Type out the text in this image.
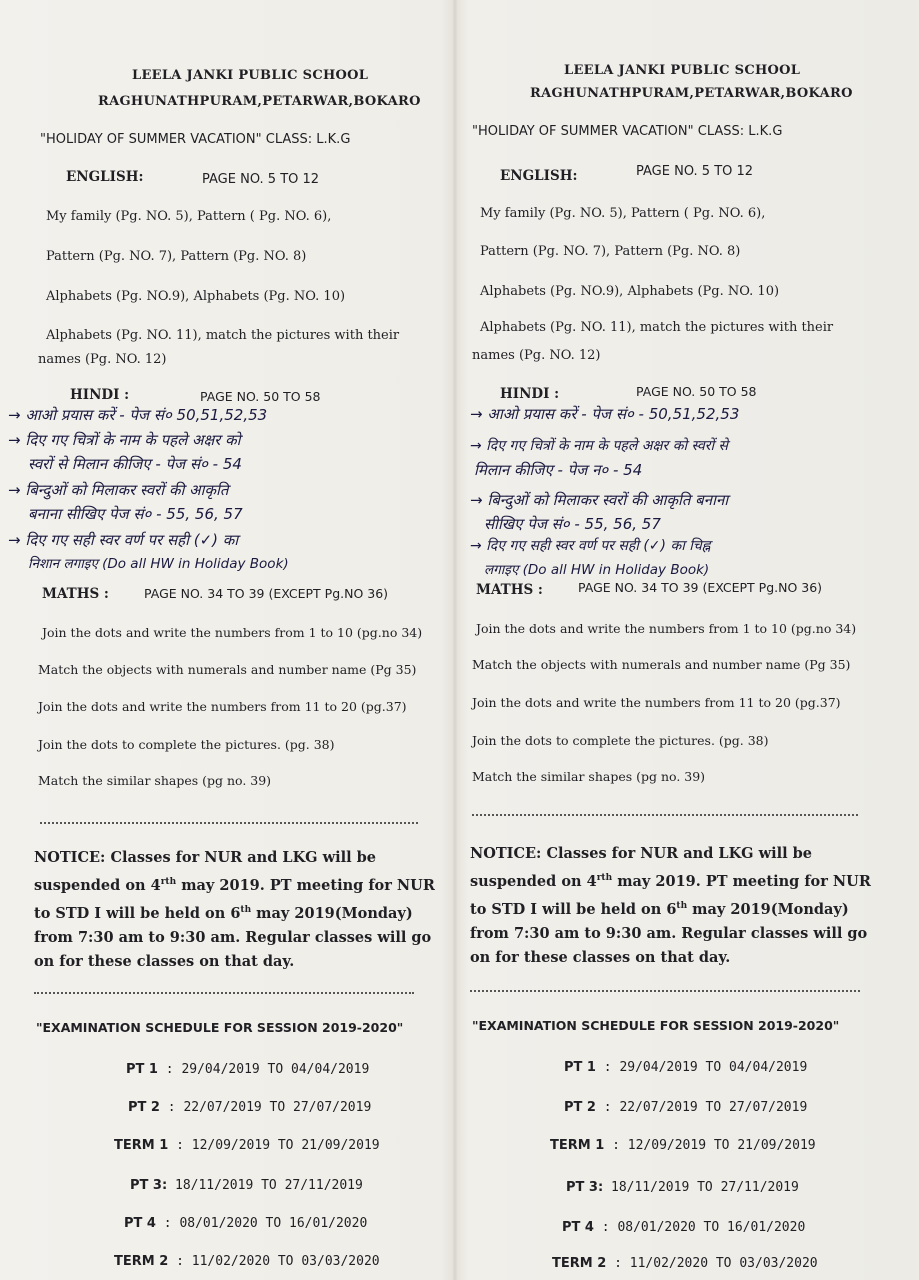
LEELA JANKI PUBLIC SCHOOL
RAGHUNATHPURAM,PETARWAR,BOKARO
"HOLIDAY OF SUMMER VACATION" CLASS: L.K.G
ENGLISH:	PAGE NO. 5 TO 12
My family (Pg. NO. 5), Pattern ( Pg. NO. 6),
Pattern (Pg. NO. 7), Pattern (Pg. NO. 8)
Alphabets (Pg. NO.9), Alphabets (Pg. NO. 10)
Alphabets (Pg. NO. 11), match the pictures with their
names (Pg. NO. 12)
HINDI :	PAGE NO. 50 TO 58
→ आओ प्रयास करें - पेज सं० 50,51,52,53
→ दिए गए चित्रों के नाम के पहले अक्षर को
स्वरों से मिलान कीजिए - पेज सं० - 54
→ बिन्दुओं को मिलाकर स्वरों की आकृति
बनाना सीखिए पेज सं० - 55, 56, 57
→ दिए गए सही स्वर वर्ण पर सही (✓) का
निशान लगाइए (Do all HW in Holiday Book)
MATHS :	PAGE NO. 34 TO 39 (EXCEPT Pg.NO 36)
Join the dots and write the numbers from 1 to 10 (pg.no 34)
Match the objects with numerals and number name (Pg 35)
Join the dots and write the numbers from 11 to 20 (pg.37)
Join the dots to complete the pictures. (pg. 38)
Match the similar shapes (pg no. 39)
NOTICE: Classes for NUR and LKG will be suspended on $4^{rth}$ may 2019. PT meeting for NUR to STD I will be held on 6th may 2019(Monday) from 7:30 am to 9:30 am. Regular classes will go on for these classes on that day.
"EXAMINATION SCHEDULE FOR SESSION 2019-2020"
PT 1 : 29/04/2019 TO 04/04/2019
PT 2 : 22/07/2019 TO 27/07/2019
TERM 1 : 12/09/2019 TO 21/09/2019
PT 3: 18/11/2019 TO 27/11/2019
PT 4 : 08/01/2020 TO 16/01/2020
TERM 2 : 11/02/2020 TO 03/03/2020
LEELA JANKI PUBLIC SCHOOL
RAGHUNATHPURAM,PETARWAR,BOKARO
"HOLIDAY OF SUMMER VACATION" CLASS: L.K.G
ENGLISH:	PAGE NO. 5 TO 12
My family (Pg. NO. 5), Pattern ( Pg. NO. 6),
Pattern (Pg. NO. 7), Pattern (Pg. NO. 8)
Alphabets (Pg. NO.9), Alphabets (Pg. NO. 10)
Alphabets (Pg. NO. 11), match the pictures with their
names (Pg. NO. 12)
HINDI :	PAGE NO. 50 TO 58
→ आओ प्रयास करें - पेज सं० - 50,51,52,53
→ दिए गए चित्रों के नाम के पहले अक्षर को स्वरों से
मिलान कीजिए - पेज न० - 54
→ बिन्दुओं को मिलाकर स्वरों की आकृति बनाना
सीखिए पेज सं० - 55, 56, 57
→ दिए गए सही स्वर वर्ण पर सही (✓) का चिह्न
लगाइए (Do all HW in Holiday Book)
MATHS :	PAGE NO. 34 TO 39 (EXCEPT Pg.NO 36)
Join the dots and write the numbers from 1 to 10 (pg.no 34)
Match the objects with numerals and number name (Pg 35)
Join the dots and write the numbers from 11 to 20 (pg.37)
Join the dots to complete the pictures. (pg. 38)
Match the similar shapes (pg no. 39)
NOTICE: Classes for NUR and LKG will be suspended on $4^{rth}$ may 2019. PT meeting for NUR to STD I will be held on 6th may 2019(Monday) from 7:30 am to 9:30 am. Regular classes will go on for these classes on that day.
"EXAMINATION SCHEDULE FOR SESSION 2019-2020"
PT 1 : 29/04/2019 TO 04/04/2019
PT 2 : 22/07/2019 TO 27/07/2019
TERM 1 : 12/09/2019 TO 21/09/2019
PT 3: 18/11/2019 TO 27/11/2019
PT 4 : 08/01/2020 TO 16/01/2020
TERM 2 : 11/02/2020 TO 03/03/2020
